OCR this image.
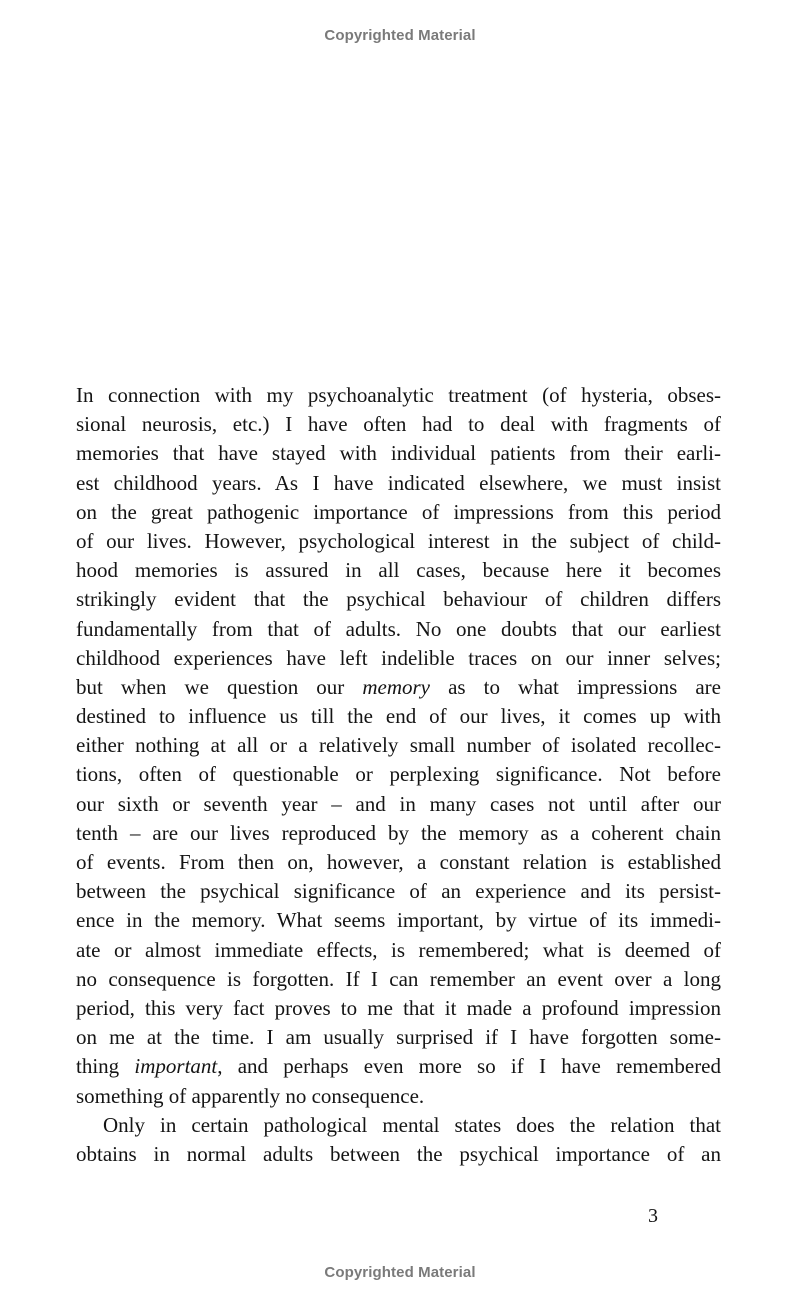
Copyrighted Material
In connection with my psychoanalytic treatment (of hysteria, obses-
sional neurosis, etc.) I have often had to deal with fragments of
memories that have stayed with individual patients from their earli-
est childhood years. As I have indicated elsewhere, we must insist
on the great pathogenic importance of impressions from this period
of our lives. However, psychological interest in the subject of child-
hood memories is assured in all cases, because here it becomes
strikingly evident that the psychical behaviour of children differs
fundamentally from that of adults. No one doubts that our earliest
childhood experiences have left indelible traces on our inner selves;
but when we question our memory as to what impressions are
destined to influence us till the end of our lives, it comes up with
either nothing at all or a relatively small number of isolated recollec-
tions, often of questionable or perplexing significance. Not before
our sixth or seventh year – and in many cases not until after our
tenth – are our lives reproduced by the memory as a coherent chain
of events. From then on, however, a constant relation is established
between the psychical significance of an experience and its persist-
ence in the memory. What seems important, by virtue of its immedi-
ate or almost immediate effects, is remembered; what is deemed of
no consequence is forgotten. If I can remember an event over a long
period, this very fact proves to me that it made a profound impression
on me at the time. I am usually surprised if I have forgotten some-
thing important, and perhaps even more so if I have remembered
something of apparently no consequence.
Only in certain pathological mental states does the relation that
obtains in normal adults between the psychical importance of an
3
Copyrighted Material
